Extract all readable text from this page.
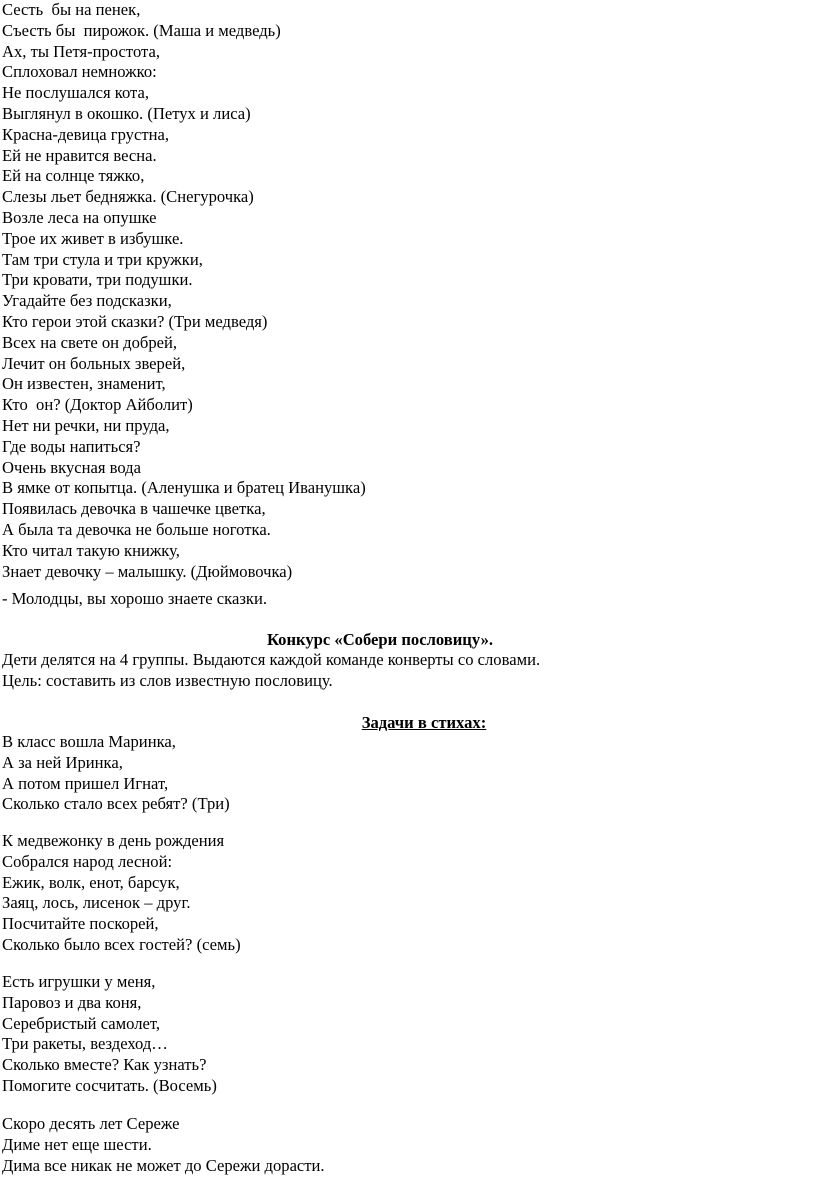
Сесть  бы на пенек,
Съесть бы  пирожок. (Маша и медведь)
Ах, ты Петя-простота,
Сплоховал немножко:
Не послушался кота,
Выглянул в окошко. (Петух и лиса)
Красна-девица грустна,
Ей не нравится весна.
Ей на солнце тяжко,
Слезы льет бедняжка. (Снегурочка)
Возле леса на опушке
Трое их живет в избушке.
Там три стула и три кружки,
Три кровати, три подушки.
Угадайте без подсказки,
Кто герои этой сказки? (Три медведя)
Всех на свете он добрей,
Лечит он больных зверей,
Он известен, знаменит,
Кто  он? (Доктор Айболит)
Нет ни речки, ни пруда,
Где воды напиться?
Очень вкусная вода
В ямке от копытца. (Аленушка и братец Иванушка)
Появилась девочка в чашечке цветка,
А была та девочка не больше ноготка.
Кто читал такую книжку,
Знает девочку – малышку. (Дюймовочка)
- Молодцы, вы хорошо знаете сказки.
Конкурс «Собери пословицу».
Дети делятся на 4 группы. Выдаются каждой команде конверты со словами.
Цель: составить из слов известную пословицу.
Задачи в стихах:
В класс вошла Маринка,
А за ней Иринка,
А потом пришел Игнат,
Сколько стало всех ребят? (Три)
К медвежонку в день рождения
Собрался народ лесной:
Ежик, волк, енот, барсук,
Заяц, лось, лисенок – друг.
Посчитайте поскорей,
Сколько было всех гостей? (семь)
Есть игрушки у меня,
Паровоз и два коня,
Серебристый самолет,
Три ракеты, вездеход…
Сколько вместе? Как узнать?
Помогите сосчитать. (Восемь)
Скоро десять лет Сереже
Диме нет еще шести.
Дима все никак не может до Сережи дорасти.
